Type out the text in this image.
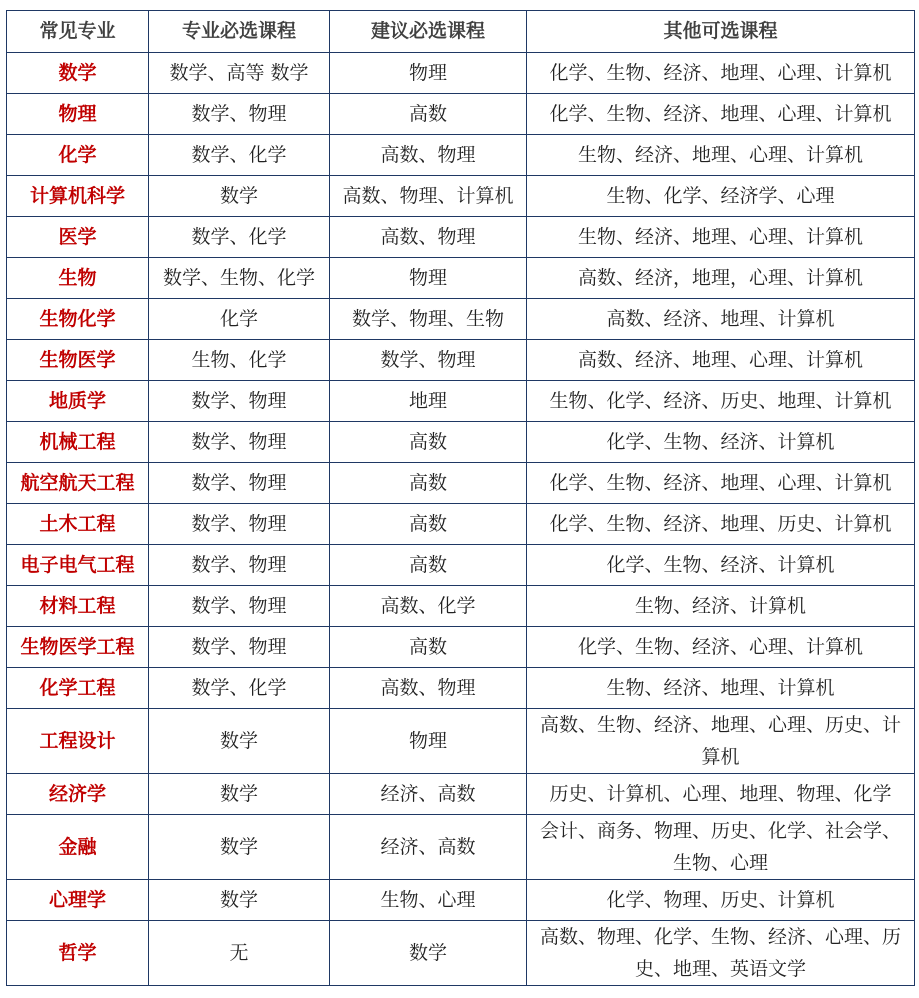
常见专业	专业必选课程	建议必选课程	其他可选课程
数学	数学、高等 数学	物理	化学、生物、经济、地理、心理、计算机
物理	数学、物理	高数	化学、生物、经济、地理、心理、计算机
化学	数学、化学	高数、物理	生物、经济、地理、心理、计算机
计算机科学	数学	高数、物理、计算机	生物、化学、经济学、心理
医学	数学、化学	高数、物理	生物、经济、地理、心理、计算机
生物	数学、生物、化学	物理	高数、经济，地理，心理、计算机
生物化学	化学	数学、物理、生物	高数、经济、地理、计算机
生物医学	生物、化学	数学、物理	高数、经济、地理、心理、计算机
地质学	数学、物理	地理	生物、化学、经济、历史、地理、计算机
机械工程	数学、物理	高数	化学、生物、经济、计算机
航空航天工程	数学、物理	高数	化学、生物、经济、地理、心理、计算机
土木工程	数学、物理	高数	化学、生物、经济、地理、历史、计算机
电子电气工程	数学、物理	高数	化学、生物、经济、计算机
材料工程	数学、物理	高数、化学	生物、经济、计算机
生物医学工程	数学、物理	高数	化学、生物、经济、心理、计算机
化学工程	数学、化学	高数、物理	生物、经济、地理、计算机
工程设计	数学	物理	高数、生物、经济、地理、心理、历史、计算机
经济学	数学	经济、高数	历史、计算机、心理、地理、物理、化学
金融	数学	经济、高数	会计、商务、物理、历史、化学、社会学、生物、心理
心理学	数学	生物、心理	化学、物理、历史、计算机
哲学	无	数学	高数、物理、化学、生物、经济、心理、历史、地理、英语文学
